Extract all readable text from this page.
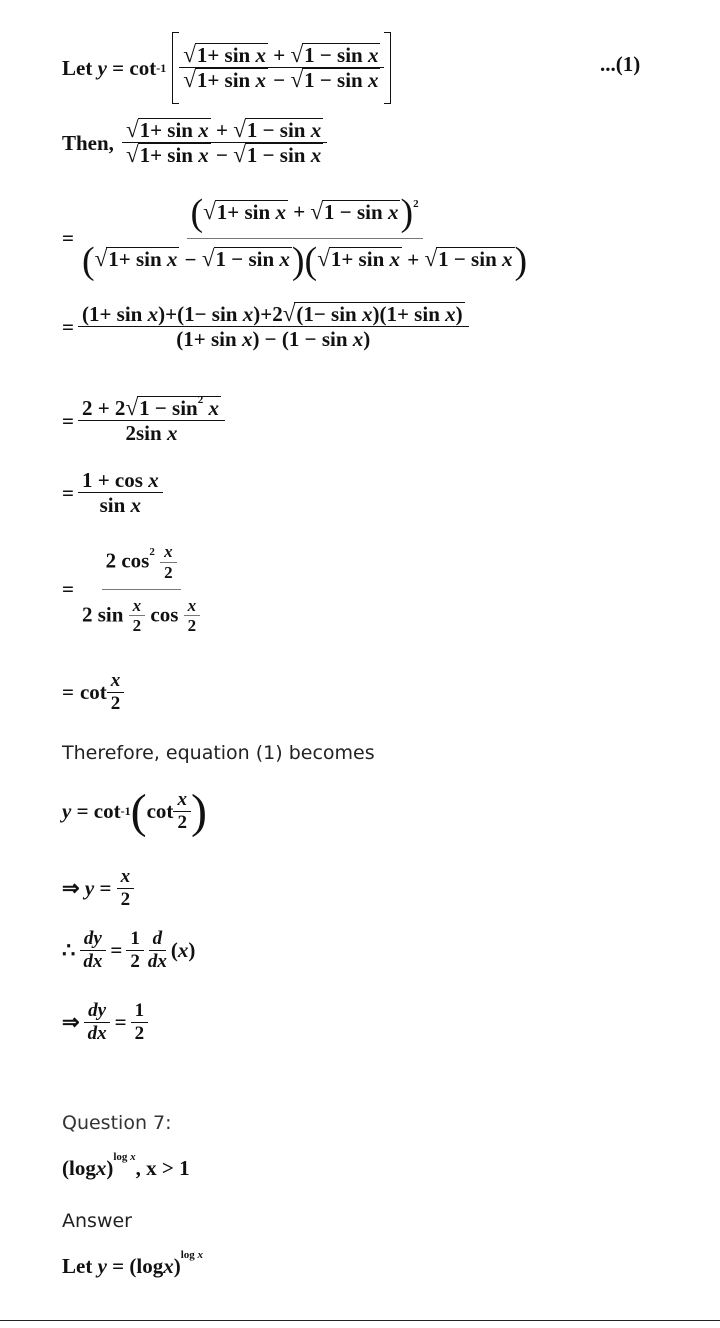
Let
y
= $\cot -1 \frac{\text{√ 1+ sin x + √ 1 − sin x}}{\text{√ 1+ sin x − √ 1 − sin x}}$	...(1)
Then, $\frac{\text{√ 1+ sin x + √ 1 − sin x}}{\text{√ 1+ sin x − √ 1 − sin x}}$
= $\frac{( √ 1+ \sin x + √ 1 - \sin x )^2}{\text{( √ 1+ sin x − √ 1 − sin x )( √ 1+ sin x + √ 1 − sin x )}}$
= $\frac{\text{(1+ sin x)+(1− sin x)+2 √ (1− sin x)(1+ sin x)}}{\text{(1+ sin x) − (1 − sin x)}}$
= $\frac{2 + 2 √ 1 - \sin^2 x}{\text{2sin x}}$
= $\frac{\text{1 + cos x}}{\text{sin x}}$
= $\frac{2 \cos^2 \frac{x}{2}}{2 \sin \frac{x}{2} \cos \frac{x}{2}}$
= $\cot \frac{x}{2}$
Therefore, equation (1) becomes
y
= cot -1 ( $\cot \frac{x}{2}$ )
⇒
y
=
$\frac{x}{2}$
∴ $\frac{dy}{dx} = \frac{1}{2} \frac{d}{dx}$ ( x )
⇒ $\frac{dy}{dx} = \frac{1}{2}$
Question 7:
(log x ) log x , x > 1
Answer
Let
y
= (log x ) log x
